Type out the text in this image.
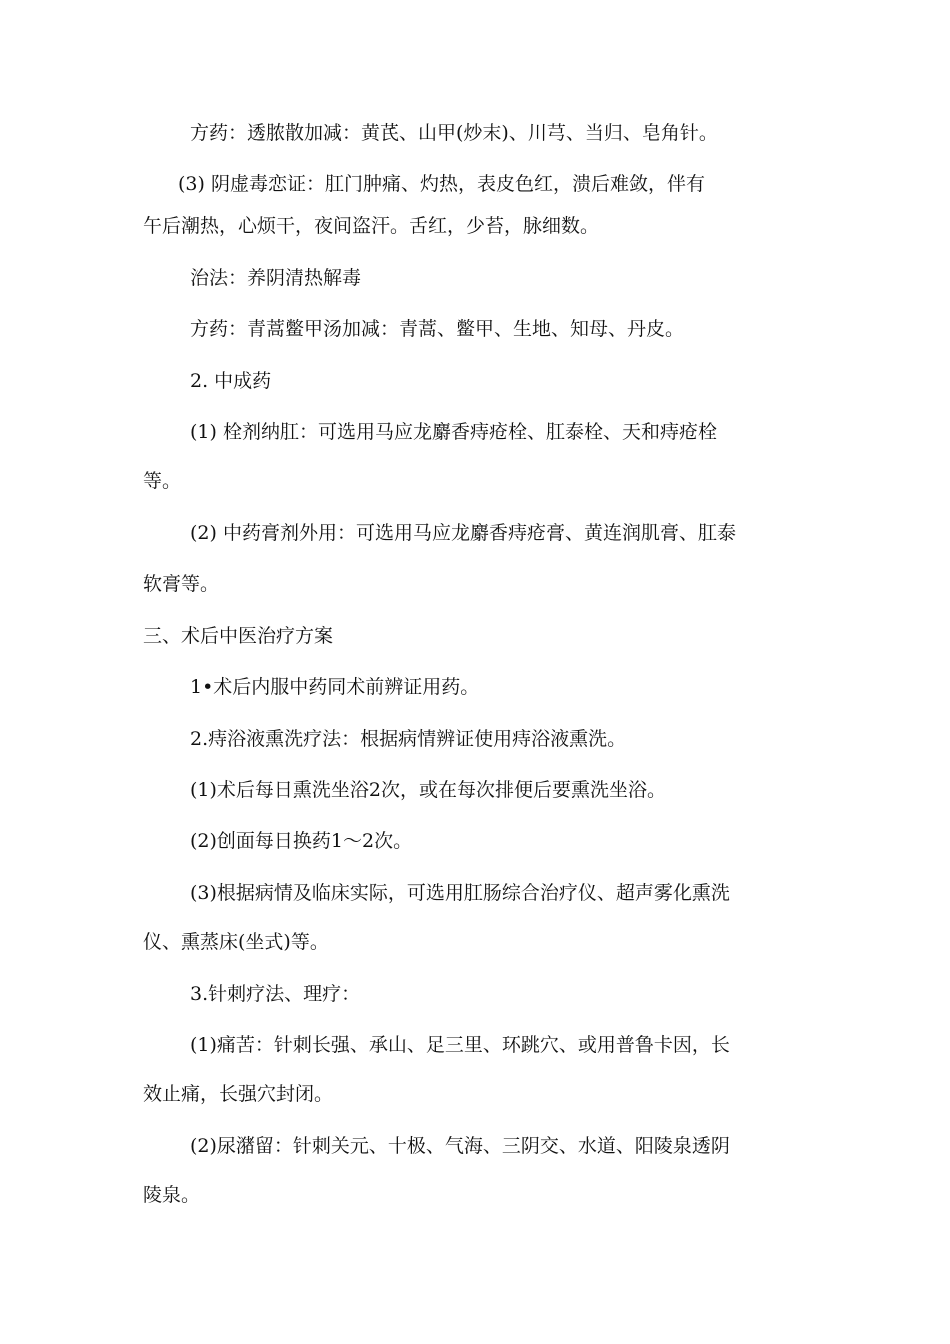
方药：透脓散加减：黄芪、山甲(炒末)、川芎、当归、皂角针。

(3) 阴虚毒恋证：肛门肿痛、灼热，表皮色红，溃后难敛，伴有

午后潮热，心烦干，夜间盗汗。舌红，少苔，脉细数。

治法：养阴清热解毒

方药：青蒿鳖甲汤加减：青蒿、鳖甲、生地、知母、丹皮。

2. 中成药

(1) 栓剂纳肛：可选用马应龙麝香痔疮栓、肛泰栓、天和痔疮栓

等。

(2) 中药膏剂外用：可选用马应龙麝香痔疮膏、黄连润肌膏、肛泰

软膏等。

三、术后中医治疗方案

1•术后内服中药同术前辨证用药。

2.痔浴液熏洗疗法：根据病情辨证使用痔浴液熏洗。

(1)术后每日熏洗坐浴2次，或在每次排便后要熏洗坐浴。

(2)创面每日换药1〜2次。

(3)根据病情及临床实际，可选用肛肠综合治疗仪、超声雾化熏洗

仪、熏蒸床(坐式)等。

3.针刺疗法、理疗：

(1)痛苦：针刺长强、承山、足三里、环跳穴、或用普鲁卡因，长

效止痛，长强穴封闭。

(2)尿潴留：针刺关元、十极、气海、三阴交、水道、阳陵泉透阴

陵泉。
